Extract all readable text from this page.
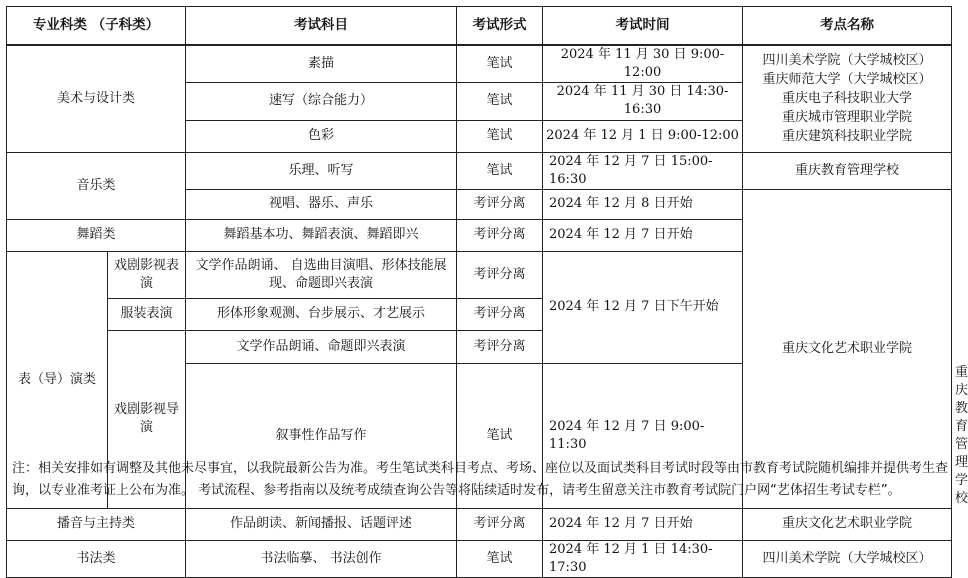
专业科类 （子科类）		考试科目	考试形式	考试时间	考点名称	
美术与设计类		素描	笔试	2024 年 11 月 30 日 9:00-12:00	四川美术学院（大学城校区）
重庆师范大学（大学城校区）
重庆电子科技职业大学
重庆城市管理职业学院
重庆建筑科技职业学院	

		速写（综合能力）	笔试	2024 年 11 月 30 日 14:30-16:30		
		色彩	笔试	2024 年 12 月 1 日 9:00-12:00		
音乐类		乐理、听写	笔试	2024 年 12 月 7 日 15:00-16:30	重庆教育管理学校	
		视唱、器乐、声乐	考评分离	2024 年 12 月 8 日开始	重庆文化艺术职业学院	
舞蹈类		舞蹈基本功、舞蹈表演、舞蹈即兴	考评分离	2024 年 12 月 7 日开始		
表（导）演类	戏剧影视表演	文学作品朗诵、 自选曲目演唱、形体技能展现、命题即兴表演	考评分离	2024 年 12 月 7 日下午开始		
	服装表演	形体形象观测、台步展示、才艺展示	考评分离			
	戏剧影视导演	文学作品朗诵、命题即兴表演	考评分离			
		叙事性作品写作	笔试	2024 年 12 月 7 日 9:00-11:30		重庆教育管理学校
播音与主持类		作品朗读、新闻播报、话题评述	考评分离	2024 年 12 月 7 日开始	重庆文化艺术职业学院	
书法类		书法临摹、 书法创作	笔试	2024 年 12 月 1 日 14:30-17:30	四川美术学院（大学城校区）	
注：相关安排如有调整及其他未尽事宜，以我院最新公告为准。考生笔试类科目考点、考场、座位以及面试类科目考试时段等由市教育考试院随机编排并提供考生查询，以专业准考证上公布为准。 考试流程、参考指南以及统考成绩查询公告等将陆续适时发布，请考生留意关注市教育考试院门户网“艺体招生考试专栏”。
